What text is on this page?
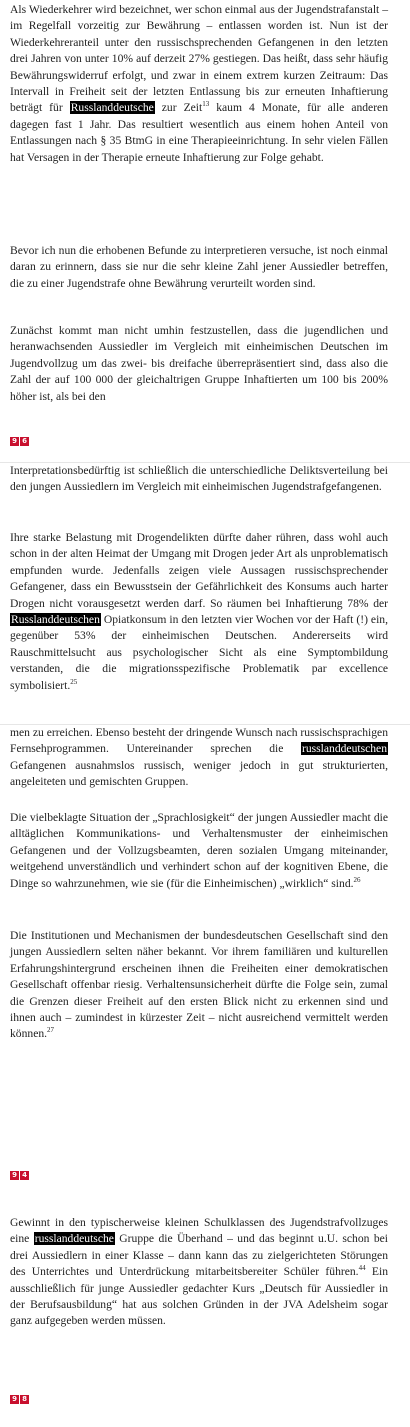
Als Wiederkehrer wird bezeichnet, wer schon einmal aus der Jugendstrafanstalt – im Regelfall vorzeitig zur Bewährung – entlassen worden ist. Nun ist der Wiederkehreranteil unter den russischsprechenden Gefangenen in den letzten drei Jahren von unter 10% auf derzeit 27% gestiegen. Das heißt, dass sehr häufig Bewährungswiderruf erfolgt, und zwar in einem extrem kurzen Zeitraum: Das Intervall in Freiheit seit der letzten Entlassung bis zur erneuten Inhaftierung beträgt für Russlanddeutsche zur Zeit$^{13}$ kaum 4 Monate, für alle anderen dagegen fast 1 Jahr. Das resultiert wesentlich aus einem hohen Anteil von Entlassungen nach § 35 BtmG in eine Therapieeinrichtung. In sehr vielen Fällen hat Versagen in der Therapie erneute Inhaftierung zur Folge gehabt.

Bevor ich nun die erhobenen Befunde zu interpretieren versuche, ist noch einmal daran zu erinnern, dass sie nur die sehr kleine Zahl jener Aussiedler betreffen, die zu einer Jugendstrafe ohne Bewährung verurteilt worden sind.

Zunächst kommt man nicht umhin festzustellen, dass die jugendlichen und heranwachsenden Aussiedler im Vergleich mit einheimischen Deutschen im Jugendvollzug um das zwei- bis dreifache überrepräsentiert sind, dass also die Zahl der auf 100 000 der gleichaltrigen Gruppe Inhaftierten um 100 bis 200% höher ist, als bei den

9 6

Interpretationsbedürftig ist schließlich die unterschiedliche Deliktsverteilung bei den jungen Aussiedlern im Vergleich mit einheimischen Jugendstrafgefangenen.

Ihre starke Belastung mit Drogendelikten dürfte daher rühren, dass wohl auch schon in der alten Heimat der Umgang mit Drogen jeder Art als unproblematisch empfunden wurde. Jedenfalls zeigen viele Aussagen russischsprechender Gefangener, dass ein Bewusstsein der Gefährlichkeit des Konsums auch harter Drogen nicht vorausgesetzt werden darf. So räumen bei Inhaftierung 78% der Russlanddeutschen Opiatkonsum in den letzten vier Wochen vor der Haft (!) ein, gegenüber 53% der einheimischen Deutschen. Andererseits wird Rauschmittelsucht aus psychologischer Sicht als eine Symptombildung verstanden, die die migrationsspezifische Problematik par excellence symbolisiert.$^{25}$

men zu erreichen. Ebenso besteht der dringende Wunsch nach russischsprachigen Fernsehprogrammen. Untereinander sprechen die russlanddeutschen Gefangenen ausnahmslos russisch, weniger jedoch in gut strukturierten, angeleiteten und gemischten Gruppen.

Die vielbeklagte Situation der „Sprachlosigkeit“ der jungen Aussiedler macht die alltäglichen Kommunikations- und Verhaltensmuster der einheimischen Gefangenen und der Vollzugsbeamten, deren sozialen Umgang miteinander, weitgehend unverständlich und verhindert schon auf der kognitiven Ebene, die Dinge so wahrzunehmen, wie sie (für die Einheimischen) „wirklich“ sind.$^{26}$

Die Institutionen und Mechanismen der bundesdeutschen Gesellschaft sind den jungen Aussiedlern selten näher bekannt. Vor ihrem familiären und kulturellen Erfahrungshintergrund erscheinen ihnen die Freiheiten einer demokratischen Gesellschaft offenbar riesig. Verhaltensunsicherheit dürfte die Folge sein, zumal die Grenzen dieser Freiheit auf den ersten Blick nicht zu erkennen sind und ihnen auch – zumindest in kürzester Zeit – nicht ausreichend vermittelt werden können.$^{27}$

9 4

Gewinnt in den typischerweise kleinen Schulklassen des Jugendstrafvollzuges eine russlanddeutsche Gruppe die Überhand – und das beginnt u.U. schon bei drei Aussiedlern in einer Klasse – dann kann das zu zielgerichteten Störungen des Unterrichtes und Unterdrückung mitarbeitsbereiter Schüler führen.$^{44}$ Ein ausschließlich für junge Aussiedler gedachter Kurs „Deutsch für Aussiedler in der Berufsausbildung“ hat aus solchen Gründen in der JVA Adelsheim sogar ganz aufgegeben werden müssen.

9 8
